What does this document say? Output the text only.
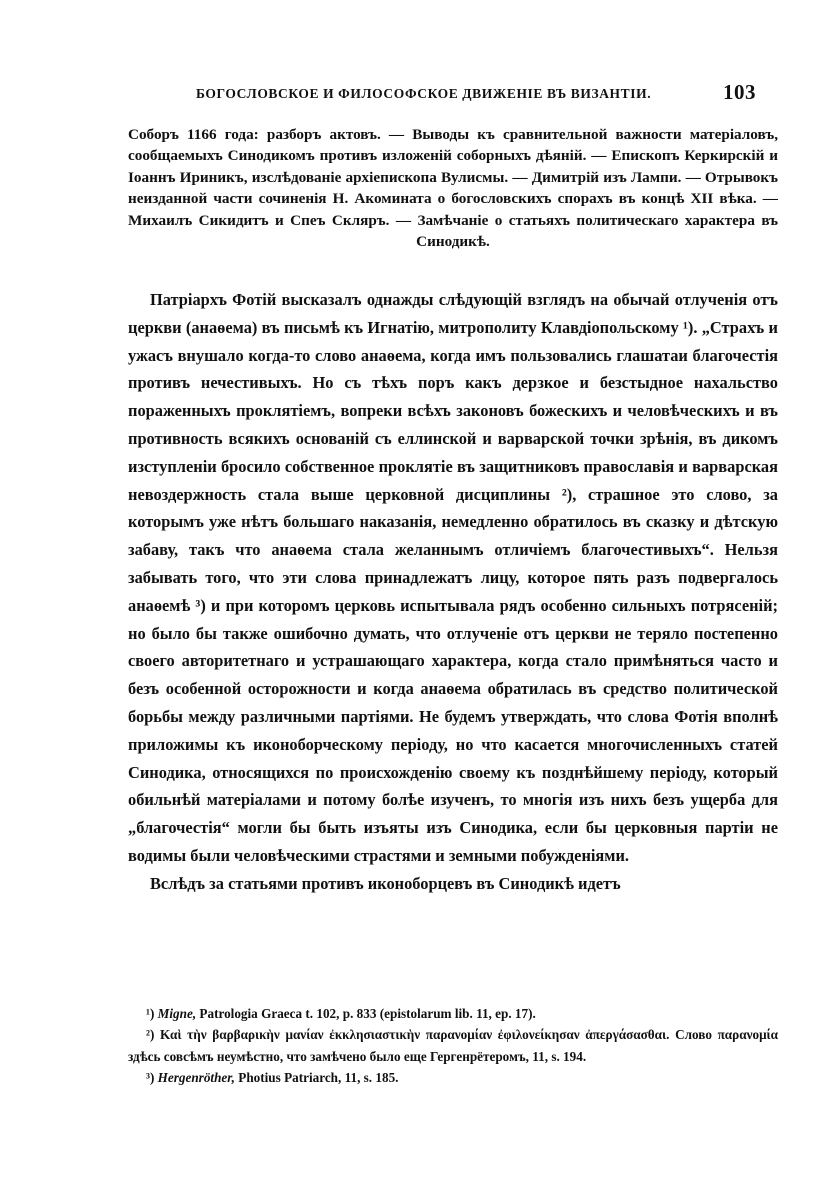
БОГОСЛОВСКОЕ И ФИЛОСОФСКОЕ ДВИЖЕНІЕ ВЪ ВИЗАНТІИ.	103
Соборъ 1166 года: разборъ актовъ. — Выводы къ сравнительной важности матеріаловъ, сообщаемыхъ Синодикомъ противъ изложеній соборныхъ дѣяній. — Епископъ Керкирскій и Іоаннъ Ириникъ, изслѣдованіе архіепископа Вулисмы. — Димитрій изъ Лампи. — Отрывокъ неизданной части сочиненія Н. Акомината о богословскихъ спорахъ въ концѣ XII вѣка. — Михаилъ Сикидитъ и Спеъ Скляръ. — Замѣчаніе о статьяхъ политическаго характера въ Синодикѣ.

Патріархъ Фотій высказалъ однажды слѣдующій взглядъ на обычай отлученія отъ церкви (анаѳема) въ письмѣ къ Игнатію, митрополиту Клавдіопольскому ¹). „Страхъ и ужасъ внушало когда-то слово анаѳема, когда имъ пользовались глашатаи благочестія противъ нечестивыхъ. Но съ тѣхъ поръ какъ дерзкое и безстыдное нахальство пораженныхъ проклятіемъ, вопреки всѣхъ законовъ божескихъ и человѣческихъ и въ противность всякихъ основаній съ еллинской и варварской точки зрѣнія, въ дикомъ изступленіи бросило собственное проклятіе въ защитниковъ православія и варварская невоздержность стала выше церковной дисциплины ²), страшное это слово, за которымъ уже нѣтъ большаго наказанія, немедленно обратилось въ сказку и дѣтскую забаву, такъ что анаѳема стала желаннымъ отличіемъ благочестивыхъ“. Нельзя забывать того, что эти слова принадлежатъ лицу, которое пять разъ подвергалось анаѳемѣ ³) и при которомъ церковь испытывала рядъ особенно сильныхъ потрясеній; но было бы также ошибочно думать, что отлученіе отъ церкви не теряло постепенно своего авторитетнаго и устрашающаго характера, когда стало примѣняться часто и безъ особенной осторожности и когда анаѳема обратилась въ средство политической борьбы между различными партіями. Не будемъ утверждать, что слова Фотія вполнѣ приложимы къ иконоборческому періоду, но что касается многочисленныхъ статей Синодика, относящихся по происхожденію своему къ позднѣйшему періоду, который обильнѣй матеріалами и потому болѣе изученъ, то многія изъ нихъ безъ ущерба для „благочестія“ могли бы быть изъяты изъ Синодика, если бы церковныя партіи не водимы были человѣческими страстями и земными побужденіями.

Вслѣдъ за статьями противъ иконоборцевъ въ Синодикѣ идетъ

¹) Migne, Patrologia Graeca t. 102, p. 833 (epistolarum lib. 11, ep. 17).

²) Καὶ τὴν βαρβαρικὴν μανίαν ἐκκλησιαστικὴν παρανομίαν ἐφιλονείκησαν ἀπεργάσασθαι. Слово παρανομία здѣсь совсѣмъ неумѣстно, что замѣчено было еще Гергенрётеромъ, 11, s. 194.

³) Hergenröther, Photius Patriarch, 11, s. 185.
